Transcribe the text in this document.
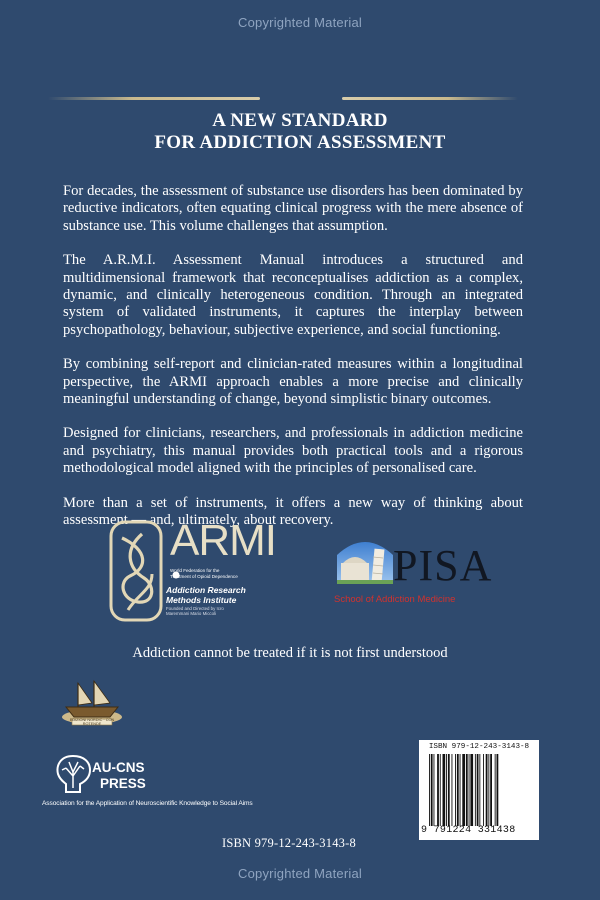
Copyrighted Material
A NEW STANDARD
FOR ADDICTION ASSESSMENT

For decades, the assessment of substance use disorders has been dominated by reductive indicators, often equating clinical progress with the mere absence of substance use. This volume challenges that assumption.

The A.R.M.I. Assessment Manual introduces a structured and multidimensional framework that reconceptualises addiction as a complex, dynamic, and clinically heterogeneous condition. Through an integrated system of validated instruments, it captures the interplay between psychopathology, behaviour, subjective experience, and social functioning.

By combining self-report and clinician-rated measures within a longitudinal perspective, the ARMI approach enables a more precise and clinically meaningful understanding of change, beyond simplistic binary outcomes.

Designed for clinicians, researchers, and professionals in addiction medicine and psychiatry, this manual provides both practical tools and a rigorous methodological model aligned with the principles of personalised care.

More than a set of instruments, it offers a new way of thinking about assessment — and, ultimately, about recovery.

ARMI
World Federation for the Treatment of Opioid Dependence
Addiction Research Methods Institute
Founded and Directed by Icro Maremmani Mario Miccoli
PISA
School of Addiction Medicine
Addiction cannot be treated if it is not first understood
EDIZIONI NORDIC · CON ROTENDE
AU-CNS
PRESS
Association for the Application of Neuroscientific Knowledge to Social Aims
ISBN 979-12-243-3143-8
9 791224 331438
ISBN 979-12-243-3143-8
Copyrighted Material
